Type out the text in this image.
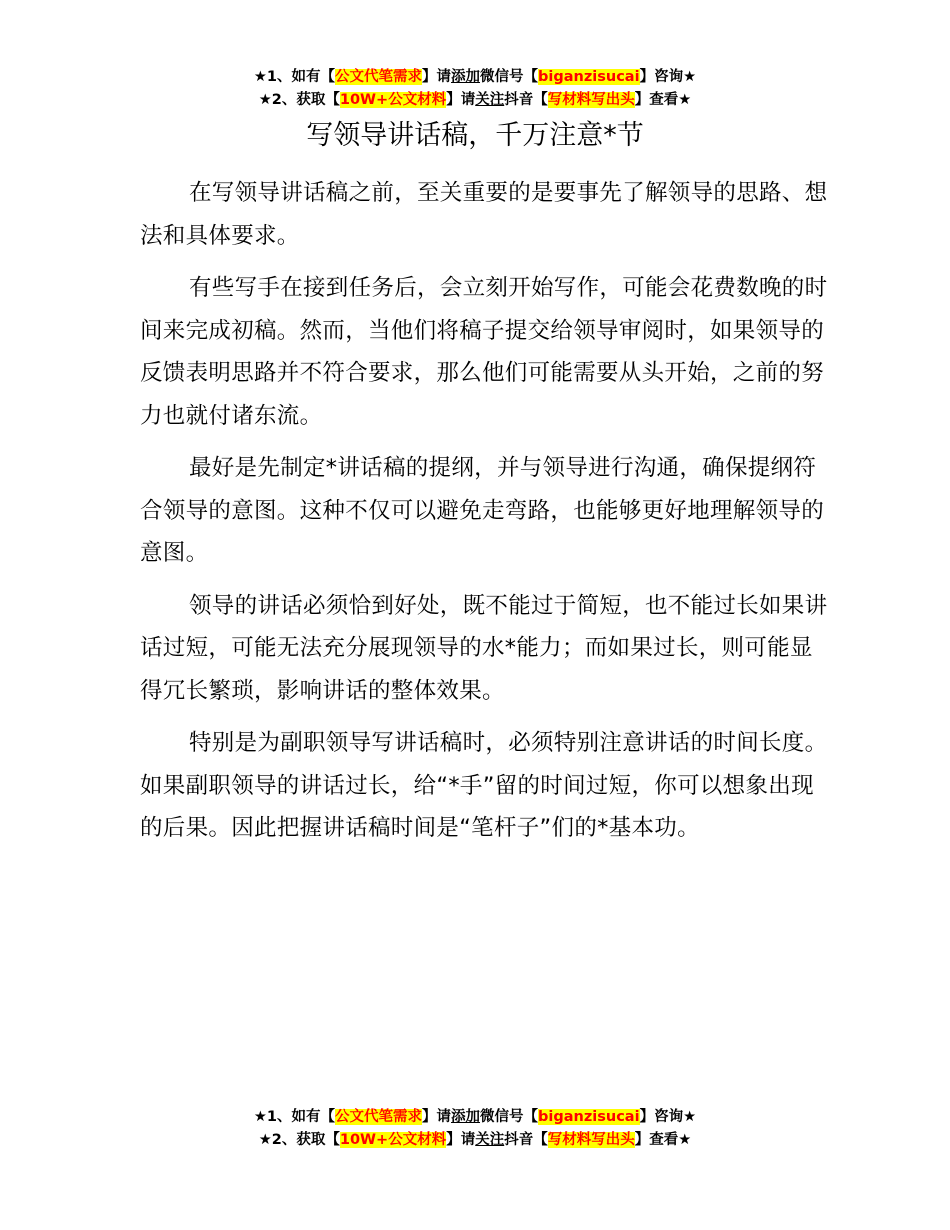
★1、如有【公文代笔需求】请添加微信号【biganzisucai】咨询★
★2、获取【10W+公文材料】请关注抖音【写材料写出头】查看★
写领导讲话稿，千万注意*节

在写领导讲话稿之前，至关重要的是要事先了解领导的思路、想法和具体要求。

有些写手在接到任务后，会立刻开始写作，可能会花费数晚的时间来完成初稿。然而，当他们将稿子提交给领导审阅时，如果领导的反馈表明思路并不符合要求，那么他们可能需要从头开始，之前的努力也就付诸东流。

最好是先制定*讲话稿的提纲，并与领导进行沟通，确保提纲符合领导的意图。这种不仅可以避免走弯路，也能够更好地理解领导的意图。

领导的讲话必须恰到好处，既不能过于简短，也不能过长如果讲话过短，可能无法充分展现领导的水*能力；而如果过长，则可能显得冗长繁琐，影响讲话的整体效果。

特别是为副职领导写讲话稿时，必须特别注意讲话的时间长度。如果副职领导的讲话过长，给“*手”留的时间过短，你可以想象出现的后果。因此把握讲话稿时间是“笔杆子”们的*基本功。

★1、如有【公文代笔需求】请添加微信号【biganzisucai】咨询★
★2、获取【10W+公文材料】请关注抖音【写材料写出头】查看★
